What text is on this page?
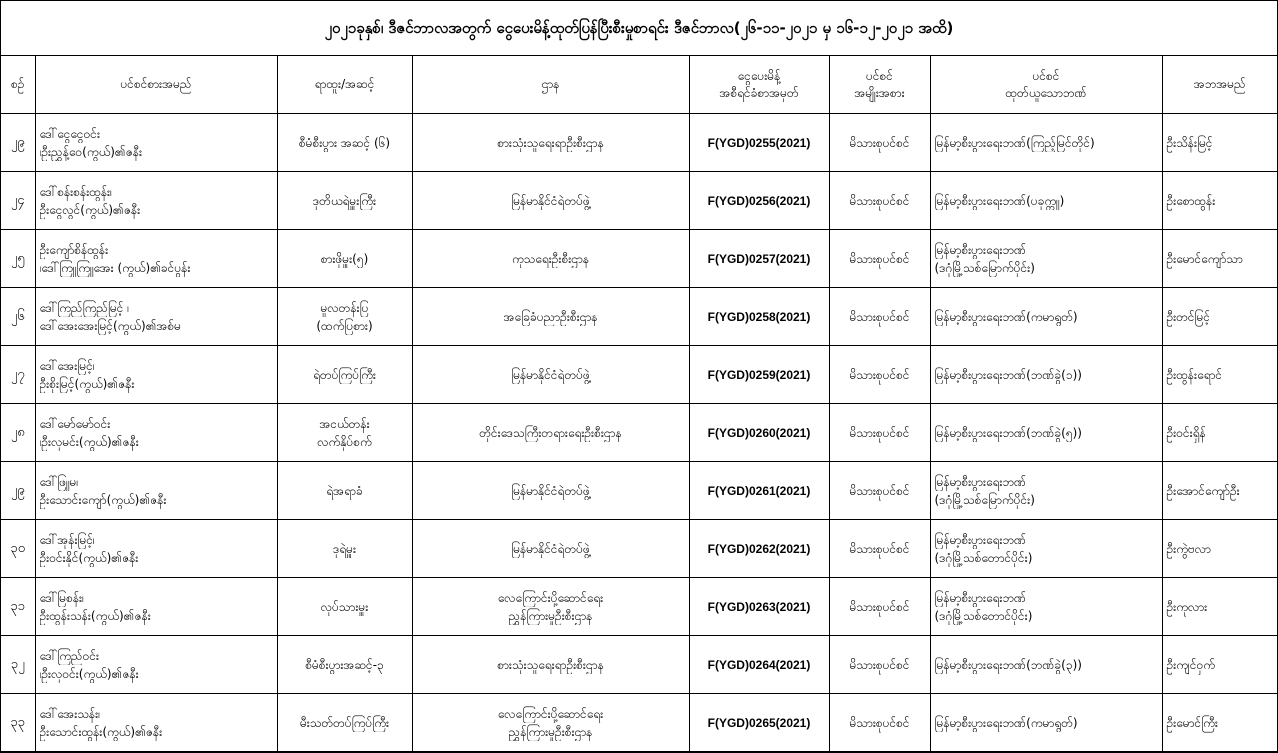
၂၀၂၁ခုနှစ်၊ ဒီဇင်ဘာလအတွက် ငွေပေးမိန့်ထုတ်ပြန်ပြီးစီးမှုစာရင်း ဒီဇင်ဘာလ(၂၆-၁၁-၂၀၂၁ မှ ၁၆-၁၂-၂၀၂၁ အထိ)
စဉ်	ပင်စင်စားအမည်	ရာထူး/အဆင့်	ဌာန	ငွေပေးမိန့်
အစီရင်ခံစာအမှတ်	ပင်စင်
အမျိုးအစား	ပင်စင်
ထုတ်ယူသောဘဏ်	အဘအမည်
၂၉	ဒေါ်ငွေငွေဝင်း
၊ဦးညွှန့်ဝေ(ကွယ်)၏ဇနီး	စီမံစီးပွား အဆင့် (၆)	စားသုံးသူရေးရာဦးစီးဌာန	F(YGD)0255(2021)	မိသားစုပင်စင်	မြန်မာ့စီးပွားရေးဘဏ်(ကြည့်မြင်တိုင်)	ဦးသိန်းမြင့်
၂၄	ဒေါ်စန်းစန်းထွန်း၊
ဦးငွေလွင်(ကွယ်)၏ဇနီး	ဒုတိယရဲမှူးကြီး	မြန်မာနိုင်ငံရဲတပ်ဖွဲ့	F(YGD)0256(2021)	မိသားစုပင်စင်	မြန်မာ့စီးပွားရေးဘဏ်(ပခုက္ကူ)	ဦးစောထွန်း
၂၅	ဦးကျော်စိန်ထွန်း
၊ဒေါ်ကြူကြူအေး (ကွယ်)၏ခင်ပွန်း	စားဖိုမှူး(၅)	ကုသရေးဦးစီးဌာန	F(YGD)0257(2021)	မိသားစုပင်စင်	မြန်မာ့စီးပွားရေးဘဏ်
(ဒဂုံမြို့သစ်မြောက်ပိုင်း)	ဦးမောင်ကျော်သာ
၂၆	ဒေါ်ကြည်ကြည်မြင့် ၊
ဒေါ်အေးအေးမြင့်(ကွယ်)၏အစ်မ	မူလတန်းပြ
(ထက်ပြစား)	အခြေခံပညာဦးစီးဌာန	F(YGD)0258(2021)	မိသားစုပင်စင်	မြန်မာ့စီးပွားရေးဘဏ်(ကမာရွတ်)	ဦးတင်မြင့်
၂၇	ဒေါ်အေးမြင့်၊
ဦးစိုးမြင့်(ကွယ်)၏ဇနီး	ရဲတပ်ကြပ်ကြီး	မြန်မာနိုင်ငံရဲတပ်ဖွဲ့	F(YGD)0259(2021)	မိသားစုပင်စင်	မြန်မာ့စီးပွားရေးဘဏ်(ဘဏ်ခွဲ(၁))	ဦးထွန်းရောင်
၂၈	ဒေါ်မော်မော်ဝင်း
၊ဦးလှမင်း(ကွယ်)၏ဇနီး	အငယ်တန်း
လက်နှိပ်စက်	တိုင်းဒေသကြီးတရားရေးဦးစီးဌာန	F(YGD)0260(2021)	မိသားစုပင်စင်	မြန်မာ့စီးပွားရေးဘဏ်(ဘဏ်ခွဲ(၅))	ဦးဝင်းရှိန်
၂၉	ဒေါ်ဖြူမ၊
ဦးသောင်းကျော်(ကွယ်)၏ဇနီး	ရဲအရာခံ	မြန်မာနိုင်ငံရဲတပ်ဖွဲ့	F(YGD)0261(2021)	မိသားစုပင်စင်	မြန်မာ့စီးပွားရေးဘဏ်
(ဒဂုံမြို့သစ်မြောက်ပိုင်း)	ဦးအောင်ကျော်ဦး
၃၀	ဒေါ်အုန်းမြင့်၊
ဦးဝင်းနိုင်(ကွယ်)၏ဇနီး	ဒုရဲမှူး	မြန်မာနိုင်ငံရဲတပ်ဖွဲ့	F(YGD)0262(2021)	မိသားစုပင်စင်	မြန်မာ့စီးပွားရေးဘဏ်
(ဒဂုံမြို့သစ်တောင်ပိုင်း)	ဦးကွဲဗလာ
၃၁	ဒေါ်မြစန်း၊
ဦးထွန်းသန်း(ကွယ်)၏ဇနီး	လုပ်သားမှူး	လေကြောင်းပို့ဆောင်ရေး
ညွှန်ကြားမှုဦးစီးဌာန	F(YGD)0263(2021)	မိသားစုပင်စင်	မြန်မာ့စီးပွားရေးဘဏ်
(ဒဂုံမြို့သစ်တောင်ပိုင်း)	ဦးကုလား
၃၂	ဒေါ်ကြည်ဝင်း
၊ဦးလှဝင်း(ကွယ်)၏ဇနီး	စီမံစီးပွားအဆင့်-၃	စားသုံးသူရေးရာဦးစီးဌာန	F(YGD)0264(2021)	မိသားစုပင်စင်	မြန်မာ့စီးပွားရေးဘဏ်(ဘဏ်ခွဲ(၃))	ဦးကျင်ဝှက်
၃၃	ဒေါ်အေးသန်း၊
ဦးသောင်းထွန်း(ကွယ်)၏ဇနီး	မီးသတ်တပ်ကြပ်ကြီး	လေကြောင်းပို့ဆောင်ရေး
ညွှန်ကြားမှုဦးစီးဌာန	F(YGD)0265(2021)	မိသားစုပင်စင်	မြန်မာ့စီးပွားရေးဘဏ်(ကမာရွတ်)	ဦးမောင်ကြီး
